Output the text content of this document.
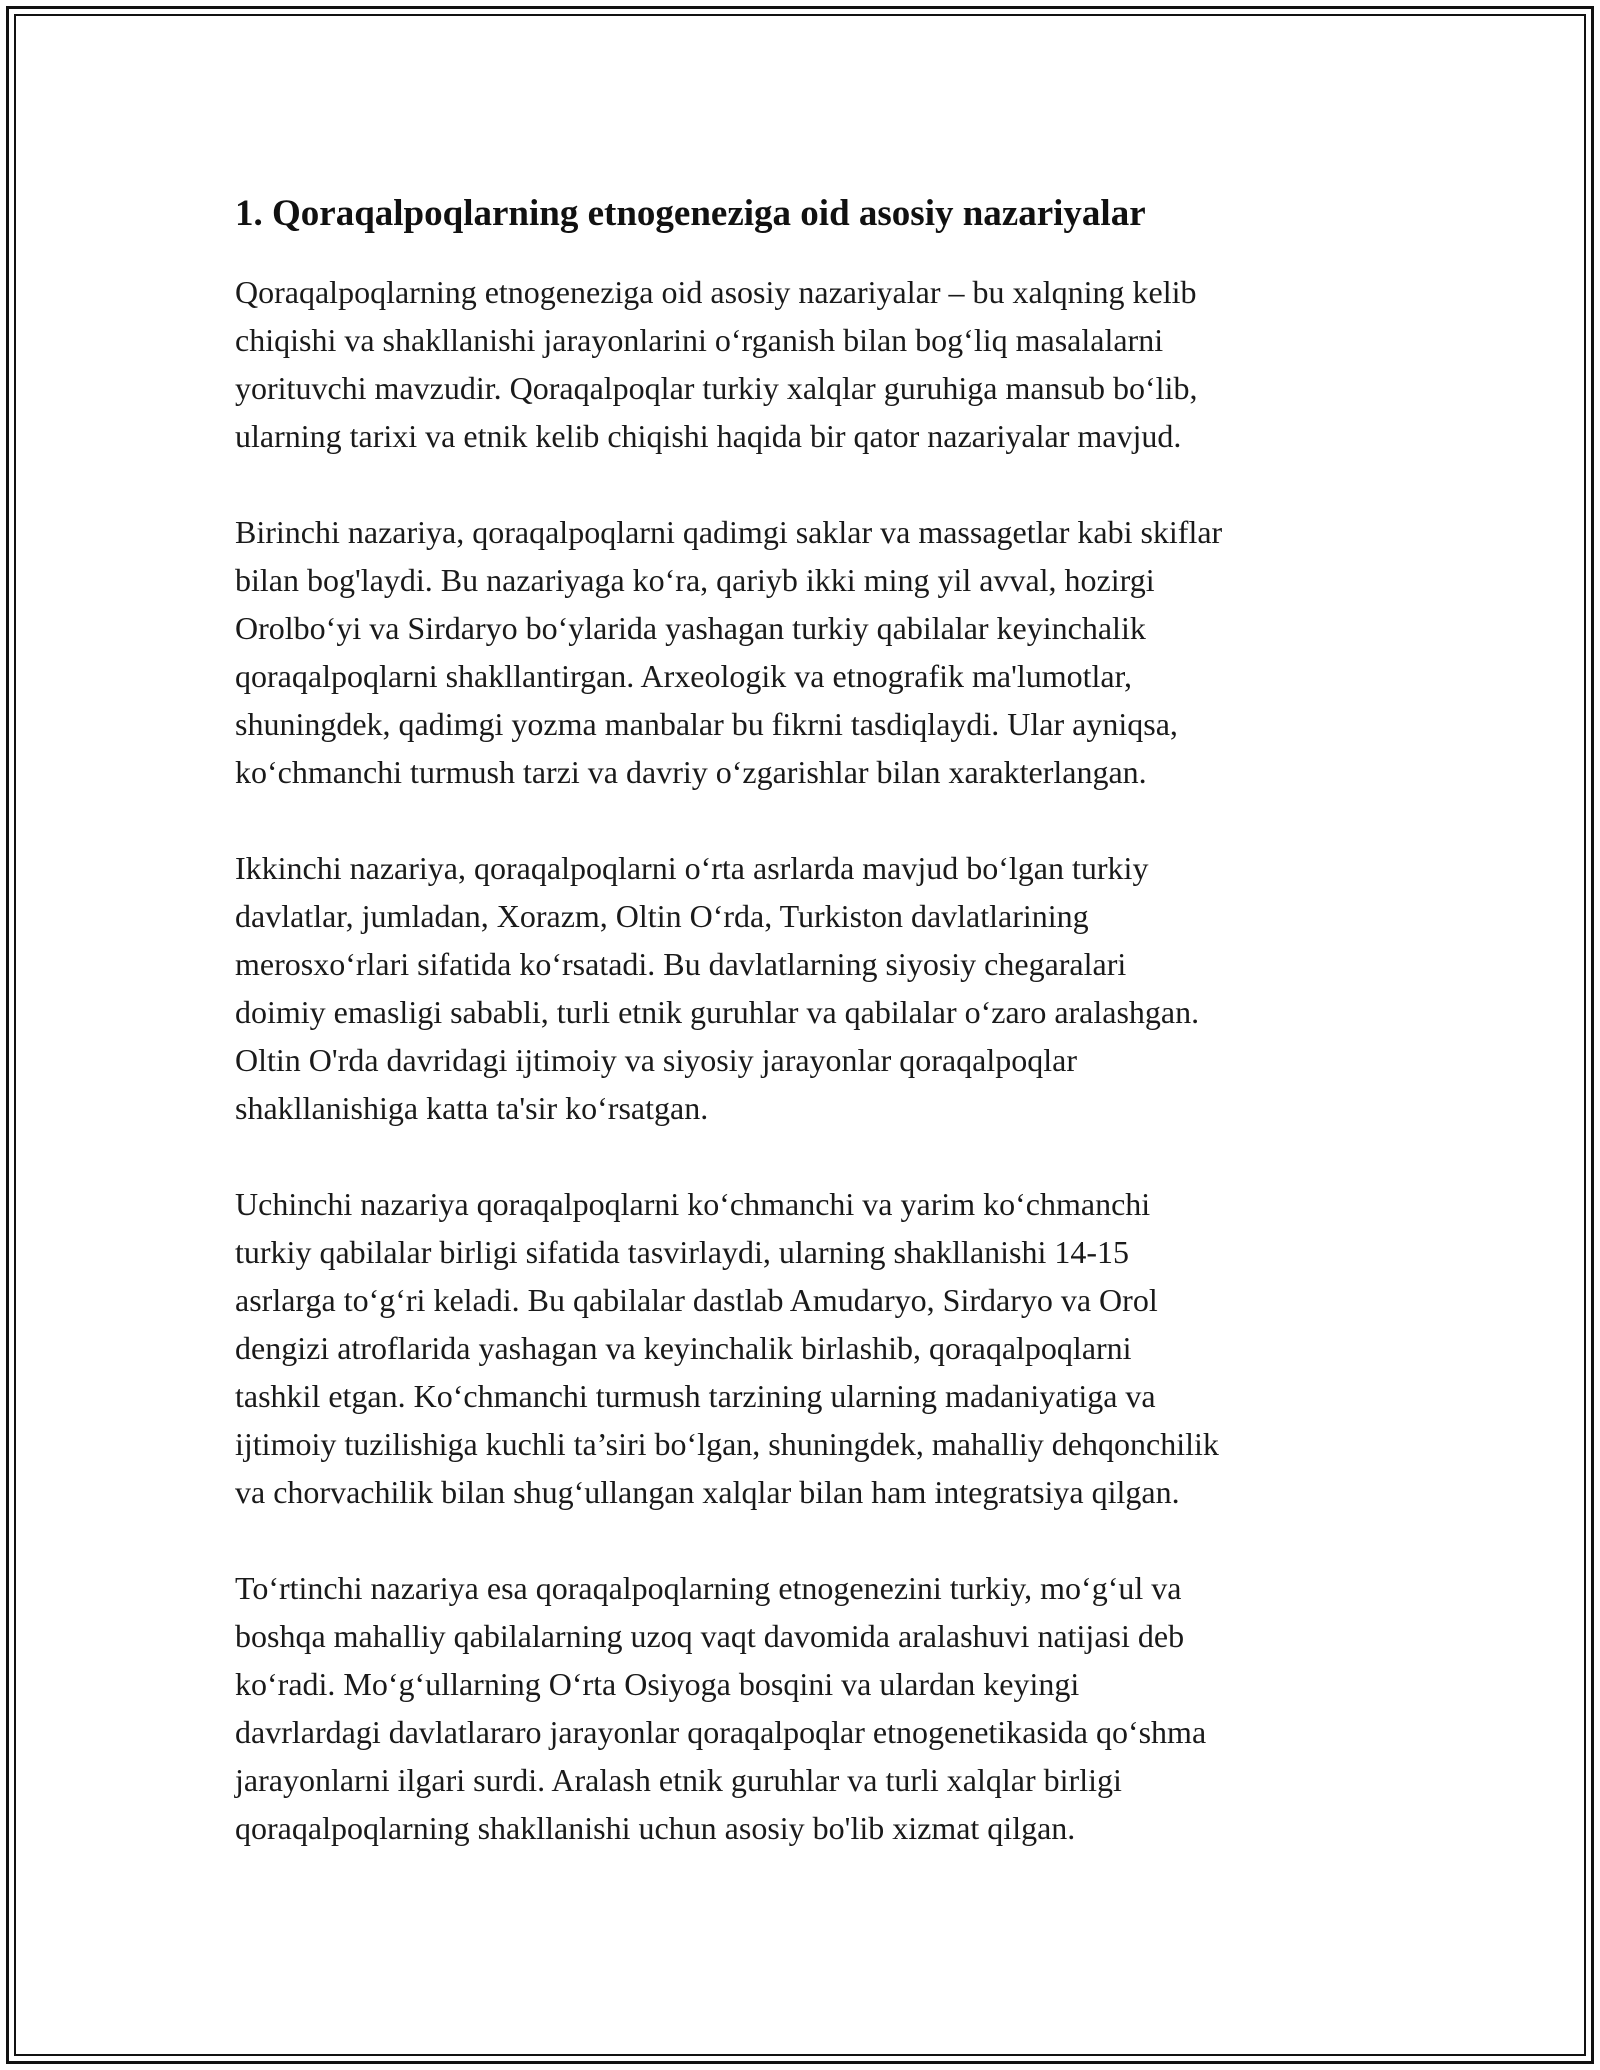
1. Qoraqalpoqlarning etnogeneziga oid asosiy nazariyalar

Qoraqalpoqlarning etnogeneziga oid asosiy nazariyalar – bu xalqning kelib
chiqishi va shakllanishi jarayonlarini o‘rganish bilan bog‘liq masalalarni
yorituvchi mavzudir. Qoraqalpoqlar turkiy xalqlar guruhiga mansub bo‘lib,
ularning tarixi va etnik kelib chiqishi haqida bir qator nazariyalar mavjud.

Birinchi nazariya, qoraqalpoqlarni qadimgi saklar va massagetlar kabi skiflar
bilan bog'laydi. Bu nazariyaga ko‘ra, qariyb ikki ming yil avval, hozirgi
Orolbo‘yi va Sirdaryo bo‘ylarida yashagan turkiy qabilalar keyinchalik
qoraqalpoqlarni shakllantirgan. Arxeologik va etnografik ma'lumotlar,
shuningdek, qadimgi yozma manbalar bu fikrni tasdiqlaydi. Ular ayniqsa,
ko‘chmanchi turmush tarzi va davriy o‘zgarishlar bilan xarakterlangan.

Ikkinchi nazariya, qoraqalpoqlarni o‘rta asrlarda mavjud bo‘lgan turkiy
davlatlar, jumladan, Xorazm, Oltin O‘rda, Turkiston davlatlarining
merosxo‘rlari sifatida ko‘rsatadi. Bu davlatlarning siyosiy chegaralari
doimiy emasligi sababli, turli etnik guruhlar va qabilalar o‘zaro aralashgan.
Oltin O'rda davridagi ijtimoiy va siyosiy jarayonlar qoraqalpoqlar
shakllanishiga katta ta'sir ko‘rsatgan.

Uchinchi nazariya qoraqalpoqlarni ko‘chmanchi va yarim ko‘chmanchi
turkiy qabilalar birligi sifatida tasvirlaydi, ularning shakllanishi 14-15
asrlarga to‘g‘ri keladi. Bu qabilalar dastlab Amudaryo, Sirdaryo va Orol
dengizi atroflarida yashagan va keyinchalik birlashib, qoraqalpoqlarni
tashkil etgan. Ko‘chmanchi turmush tarzining ularning madaniyatiga va
ijtimoiy tuzilishiga kuchli ta’siri bo‘lgan, shuningdek, mahalliy dehqonchilik
va chorvachilik bilan shug‘ullangan xalqlar bilan ham integratsiya qilgan.

To‘rtinchi nazariya esa qoraqalpoqlarning etnogenezini turkiy, mo‘g‘ul va
boshqa mahalliy qabilalarning uzoq vaqt davomida aralashuvi natijasi deb
ko‘radi. Mo‘g‘ullarning O‘rta Osiyoga bosqini va ulardan keyingi
davrlardagi davlatlararo jarayonlar qoraqalpoqlar etnogenetikasida qo‘shma
jarayonlarni ilgari surdi. Aralash etnik guruhlar va turli xalqlar birligi
qoraqalpoqlarning shakllanishi uchun asosiy bo'lib xizmat qilgan.
